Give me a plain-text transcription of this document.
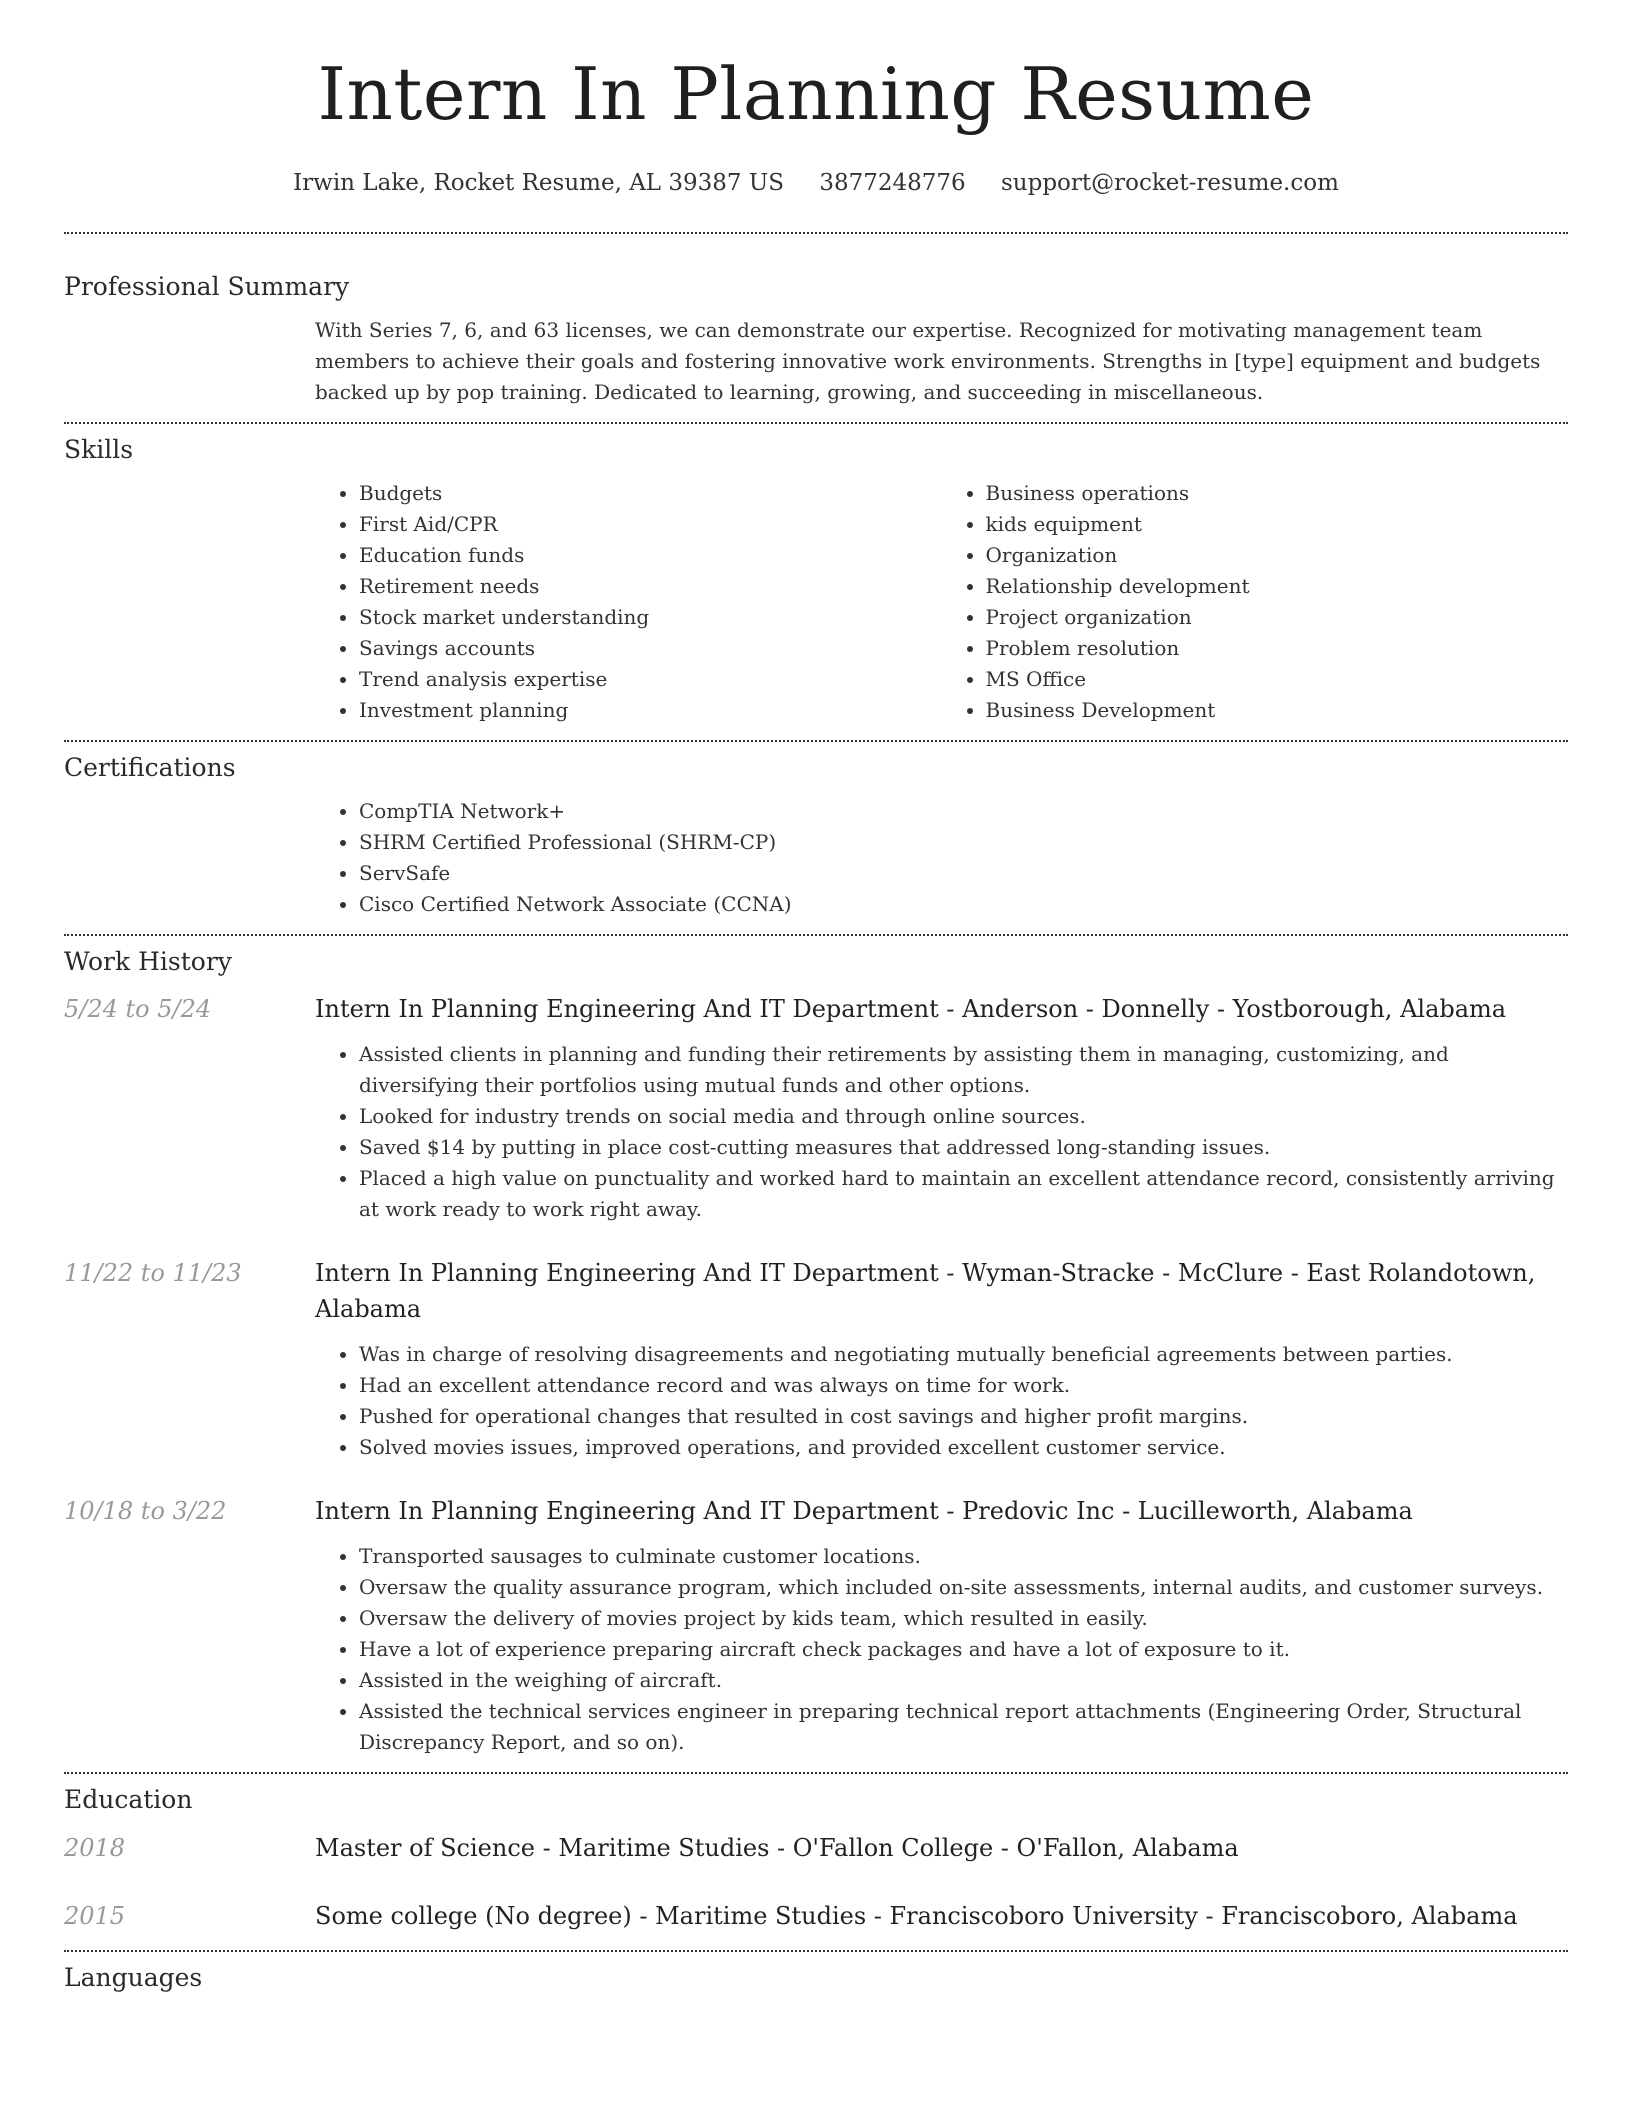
Intern In Planning Resume
Irwin Lake, Rocket Resume, AL 39387 US 3877248776 support@rocket-resume.com
Professional Summary
With Series 7, 6, and 63 licenses, we can demonstrate our expertise. Recognized for motivating management team members to achieve their goals and fostering innovative work environments. Strengths in [type] equipment and budgets backed up by pop training. Dedicated to learning, growing, and succeeding in miscellaneous.
Skills
• Budgets
• First Aid/CPR
• Education funds
• Retirement needs
• Stock market understanding
• Savings accounts
• Trend analysis expertise
• Investment planning
• Business operations
• kids equipment
• Organization
• Relationship development
• Project organization
• Problem resolution
• MS Office
• Business Development
Certifications
• CompTIA Network+
• SHRM Certified Professional (SHRM-CP)
• ServSafe
• Cisco Certified Network Associate (CCNA)
Work History
5/24 to 5/24	Intern In Planning Engineering And IT Department - Anderson - Donnelly - Yostborough, Alabama
• Assisted clients in planning and funding their retirements by assisting them in managing, customizing, and diversifying their portfolios using mutual funds and other options.
• Looked for industry trends on social media and through online sources.
• Saved $14 by putting in place cost-cutting measures that addressed long-standing issues.
• Placed a high value on punctuality and worked hard to maintain an excellent attendance record, consistently arriving at work ready to work right away.
11/22 to 11/23	Intern In Planning Engineering And IT Department - Wyman-Stracke - McClure - East Rolandotown, Alabama
• Was in charge of resolving disagreements and negotiating mutually beneficial agreements between parties.
• Had an excellent attendance record and was always on time for work.
• Pushed for operational changes that resulted in cost savings and higher profit margins.
• Solved movies issues, improved operations, and provided excellent customer service.
10/18 to 3/22	Intern In Planning Engineering And IT Department - Predovic Inc - Lucilleworth, Alabama
• Transported sausages to culminate customer locations.
• Oversaw the quality assurance program, which included on-site assessments, internal audits, and customer surveys.
• Oversaw the delivery of movies project by kids team, which resulted in easily.
• Have a lot of experience preparing aircraft check packages and have a lot of exposure to it.
• Assisted in the weighing of aircraft.
• Assisted the technical services engineer in preparing technical report attachments (Engineering Order, Structural Discrepancy Report, and so on).
Education
2018	Master of Science - Maritime Studies - O'Fallon College - O'Fallon, Alabama
2015	Some college (No degree) - Maritime Studies - Franciscoboro University - Franciscoboro, Alabama
Languages
